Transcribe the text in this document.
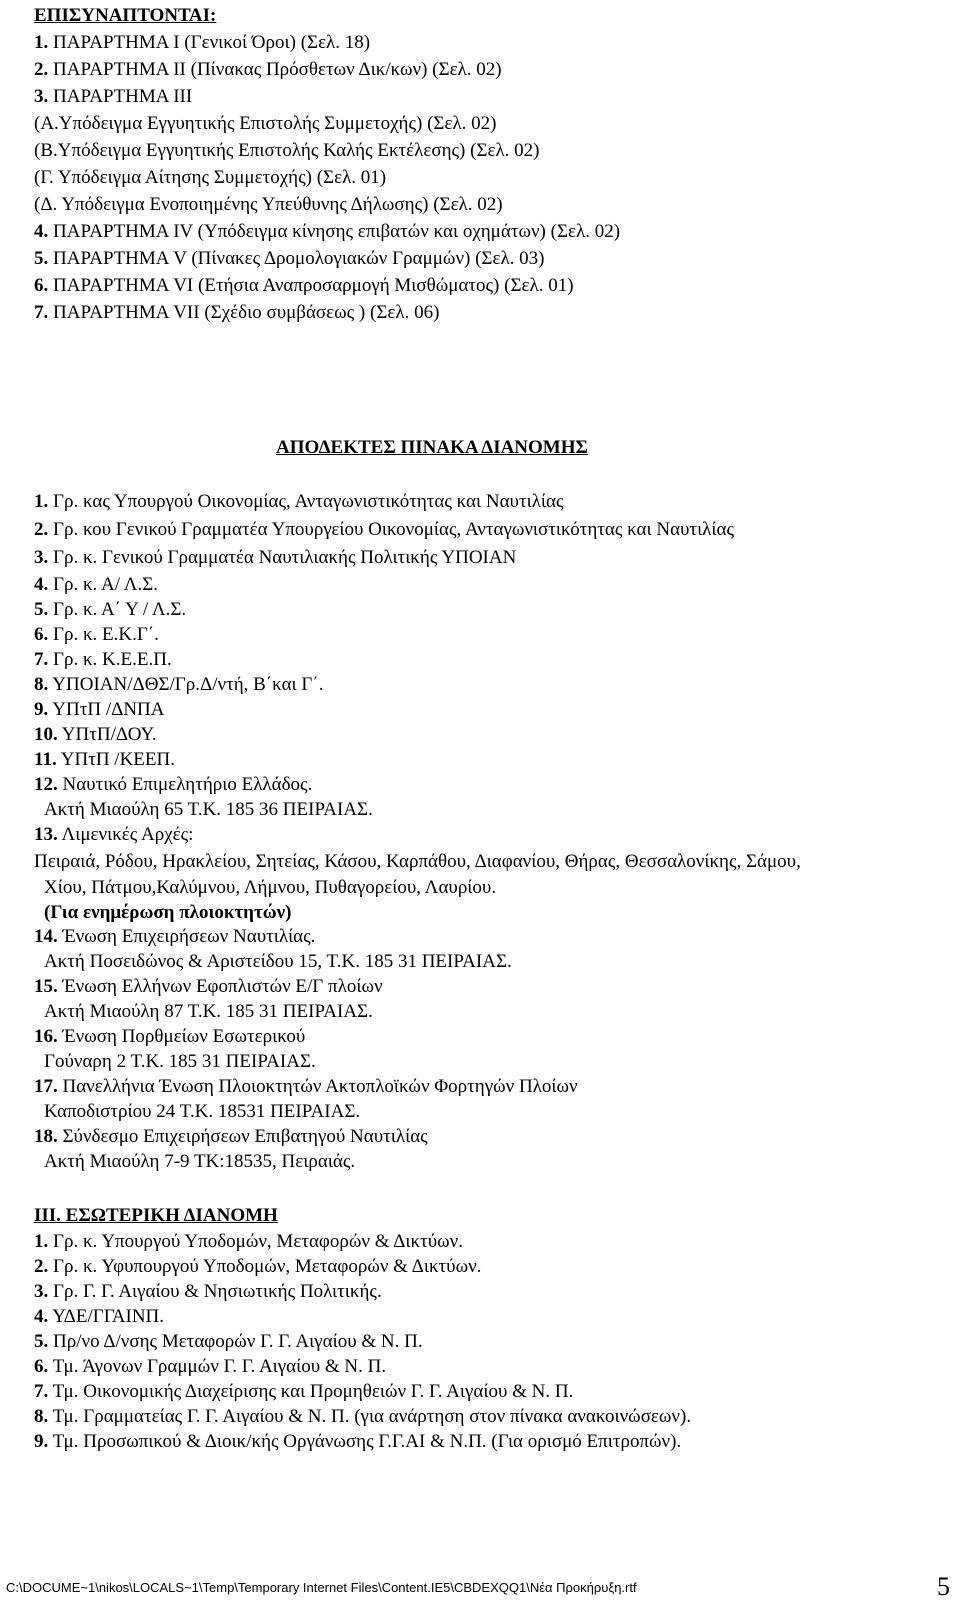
ΕΠΙΣΥΝΑΠΤΟΝΤΑΙ:
1. ΠΑΡΑΡΤΗΜΑ Ι (Γενικοί Όροι) (Σελ. 18)
2. ΠΑΡΑΡΤΗΜΑ ΙΙ (Πίνακας Πρόσθετων Δικ/κων) (Σελ. 02)
3. ΠΑΡΑΡΤΗΜΑ ΙΙΙ
(Α.Υπόδειγμα Εγγυητικής Επιστολής Συμμετοχής) (Σελ. 02)
(Β.Υπόδειγμα Εγγυητικής Επιστολής Καλής Εκτέλεσης) (Σελ. 02)
(Γ. Υπόδειγμα Αίτησης Συμμετοχής) (Σελ. 01)
(Δ. Υπόδειγμα Ενοποιημένης Υπεύθυνης Δήλωσης) (Σελ. 02)
4. ΠΑΡΑΡΤΗΜΑ IV (Υπόδειγμα κίνησης επιβατών και οχημάτων) (Σελ. 02)
5. ΠΑΡΑΡΤΗΜΑ V (Πίνακες Δρομολογιακών Γραμμών) (Σελ. 03)
6. ΠΑΡΑΡΤΗΜΑ VI (Ετήσια Αναπροσαρμογή Μισθώματος) (Σελ. 01)
7. ΠΑΡΑΡΤΗΜΑ VII (Σχέδιο συμβάσεως ) (Σελ. 06)
ΑΠΟΔΕΚΤΕΣ ΠΙΝΑΚΑ ΔΙΑΝΟΜΗΣ
1. Γρ. κας Υπουργού Οικονομίας, Ανταγωνιστικότητας και Ναυτιλίας
2. Γρ. κου Γενικού Γραμματέα Υπουργείου Οικονομίας, Ανταγωνιστικότητας και Ναυτιλίας
3. Γρ. κ. Γενικού Γραμματέα Ναυτιλιακής Πολιτικής ΥΠΟΙΑΝ
4. Γρ. κ. Α/ Λ.Σ.
5. Γρ. κ. Α΄ Υ / Λ.Σ.
6. Γρ. κ. Ε.Κ.Γ΄.
7. Γρ. κ. Κ.Ε.Ε.Π.
8. ΥΠΟΙΑΝ/ΔΘΣ/Γρ.Δ/ντή, Β΄και Γ΄.
9. ΥΠτΠ /ΔΝΠΑ
10. ΥΠτΠ/ΔΟΥ.
11. ΥΠτΠ /ΚΕΕΠ.
12. Ναυτικό Επιμελητήριο Ελλάδος.
Ακτή Μιαούλη 65 Τ.Κ. 185 36 ΠΕΙΡΑΙΑΣ.
13. Λιμενικές Αρχές:
Πειραιά, Ρόδου, Ηρακλείου, Σητείας, Κάσου, Καρπάθου, Διαφανίου, Θήρας, Θεσσαλονίκης, Σάμου,
Χίου, Πάτμου,Καλύμνου, Λήμνου, Πυθαγορείου, Λαυρίου.
(Για ενημέρωση πλοιοκτητών)
14. Ένωση Επιχειρήσεων Ναυτιλίας.
Ακτή Ποσειδώνος & Αριστείδου 15, Τ.Κ. 185 31 ΠΕΙΡΑΙΑΣ.
15. Ένωση Ελλήνων Εφοπλιστών Ε/Γ πλοίων
Ακτή Μιαούλη 87 Τ.Κ. 185 31 ΠΕΙΡΑΙΑΣ.
16. Ένωση Πορθμείων Εσωτερικού
Γούναρη 2 Τ.Κ. 185 31 ΠΕΙΡΑΙΑΣ.
17. Πανελλήνια Ένωση Πλοιοκτητών Ακτοπλοϊκών Φορτηγών Πλοίων
Καποδιστρίου 24 Τ.Κ. 18531 ΠΕΙΡΑΙΑΣ.
18. Σύνδεσμο Επιχειρήσεων Επιβατηγού Ναυτιλίας
Ακτή Μιαούλη 7-9 ΤΚ:18535, Πειραιάς.
ΙΙΙ. ΕΣΩΤΕΡΙΚΗ ΔΙΑΝΟΜΗ
1. Γρ. κ. Υπουργού Υποδομών, Μεταφορών & Δικτύων.
2. Γρ. κ. Υφυπουργού Υποδομών, Μεταφορών & Δικτύων.
3. Γρ. Γ. Γ. Αιγαίου & Νησιωτικής Πολιτικής.
4. ΥΔΕ/ΓΓΑΙΝΠ.
5. Πρ/νο Δ/νσης Μεταφορών Γ. Γ. Αιγαίου & Ν. Π.
6. Τμ. Άγονων Γραμμών Γ. Γ. Αιγαίου & Ν. Π.
7. Τμ. Οικονομικής Διαχείρισης και Προμηθειών Γ. Γ. Αιγαίου & Ν. Π.
8. Τμ. Γραμματείας Γ. Γ. Αιγαίου & Ν. Π. (για ανάρτηση στον πίνακα ανακοινώσεων).
9. Τμ. Προσωπικού & Διοικ/κής Οργάνωσης Γ.Γ.ΑΙ & Ν.Π. (Για ορισμό Επιτροπών).
C:\DOCUME~1\nikos\LOCALS~1\Temp\Temporary Internet Files\Content.IE5\CBDEXQQ1\Νέα Προκήρυξη.rtf	5
